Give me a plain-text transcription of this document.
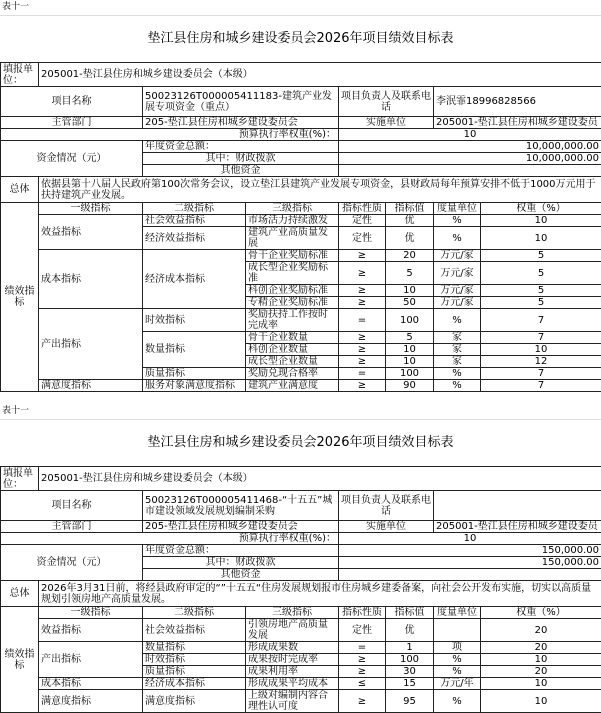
表十一
垫江县住房和城乡建设委员会2026年项目绩效目标表
填报单位：	205001-垫江县住房和城乡建设委员会（本级）						
项目名称		50023126T000005411183-建筑产业发展专项资金（重点）		项目负责人及联系电话		李泯霏18996828566	
主管部门		205-垫江县住房和城乡建设委员会		实施单位		205001-垫江县住房和城乡建设委员	
预算执行率权重(%)：				10			
资金情况（元）		年度资金总额：		10,000,000.00			
		其中：财政拨款		10,000,000.00			
		其他资金					
总体	依据县第十八届人民政府第100次常务会议，设立垫江县建筑产业发展专项资金，县财政局每年预算安排不低于1000万元用于扶持建筑产业发展。						
绩效指标	一级指标	二级指标	三级指标	指标性质	指标值	度量单位	权重（%）
	效益指标	社会效益指标	市场活力持续激发	定性	优	%	10
		经济效益指标	建筑产业高质量发展	定性	优	%	10
	成本指标	经济成本指标	骨干企业奖励标准	≥	20	万元/家	5
			成长型企业奖励标准	≥	5	万元/家	5
			科创企业奖励标准	≥	10	万元/家	5
			专精企业奖励标准	≥	50	万元/家	5
	产出指标	时效指标	奖励扶持工作按时完成率	=	100	%	7
		数量指标	骨干企业数量	≥	5	家	7
			科创企业数量	≥	10	家	10
			成长型企业数量	≥	10	家	12
		质量指标	奖励兑现合格率	=	100	%	7
	满意度指标	服务对象满意度指标	建筑产业满意度	≥	90	%	7
表十一
垫江县住房和城乡建设委员会2026年项目绩效目标表
填报单位：	205001-垫江县住房和城乡建设委员会（本级）						
项目名称		50023126T000005411468-“十五五”城市建设领域发展规划编制采购		项目负责人及联系电话			
主管部门		205-垫江县住房和城乡建设委员会		实施单位		205001-垫江县住房和城乡建设委员	
预算执行率权重(%)：				10			
资金情况（元）		年度资金总额：		150,000.00			
		其中：财政拨款		150,000.00			
		其他资金					
总体	2026年3月31日前，将经县政府审定的“”十五五“住房发展规划报市住房城乡建委备案，向社会公开发布实施，切实以高质量规划引领房地产高质量发展。						
绩效指标	一级指标	二级指标	三级指标	指标性质	指标值	度量单位	权重（%）
	效益指标	社会效益指标	引领房地产高质量发展	定性	优		20
	产出指标	数量指标	形成成果数	=	1	项	20
		时效指标	成果按时完成率	≥	100	%	10
		质量指标	成果利用率	≥	30	%	20
	成本指标	经济成本指标	形成成果平均成本	≤	15	万元/年	10
	满意度指标	满意度指标	上级对编制内容合理性认可度	≥	95	%	10
